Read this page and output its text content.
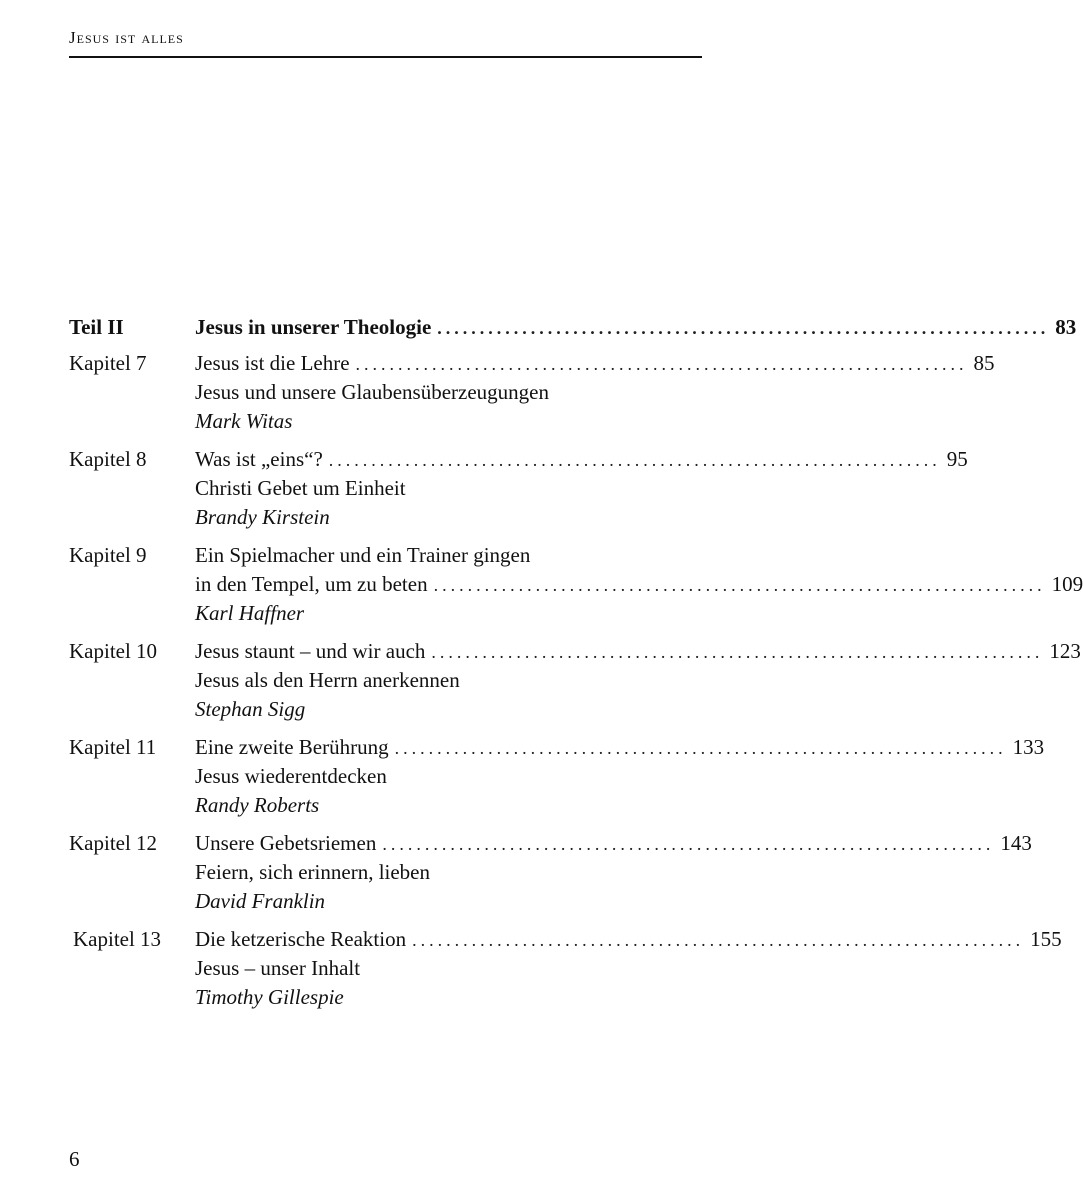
Jesus ist alles
Teil II	Jesus in unserer Theologie ........................................................................ 83
Kapitel 7 Jesus ist die Lehre ........................................................................ 85
Jesus und unsere Glaubensüberzeugungen
Mark Witas
Kapitel 8 Was ist „eins“? ........................................................................ 95
Christi Gebet um Einheit
Brandy Kirstein
Kapitel 9 Ein Spielmacher und ein Trainer gingen
in den Tempel, um zu beten ........................................................................ 109
Karl Haffner
Kapitel 10 Jesus staunt – und wir auch ........................................................................ 123
Jesus als den Herrn anerkennen
Stephan Sigg
Kapitel 11 Eine zweite Berührung ........................................................................ 133
Jesus wiederentdecken
Randy Roberts
Kapitel 12 Unsere Gebetsriemen ........................................................................ 143
Feiern, sich erinnern, lieben
David Franklin
Kapitel 13 Die ketzerische Reaktion ........................................................................ 155
Jesus – unser Inhalt
Timothy Gillespie
6
